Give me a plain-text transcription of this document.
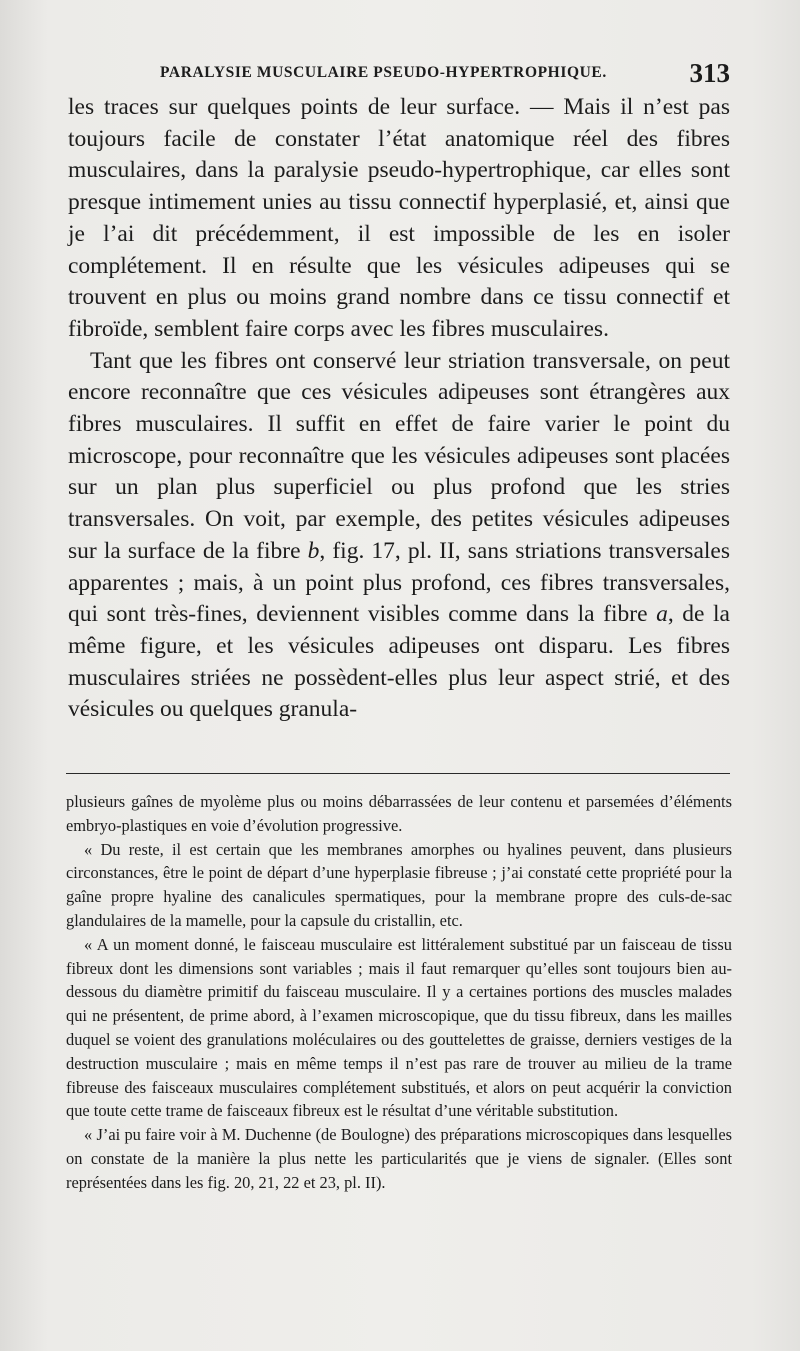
PARALYSIE MUSCULAIRE PSEUDO-HYPERTROPHIQUE.	313

les traces sur quelques points de leur surface. — Mais il n’est pas toujours facile de constater l’état anatomique réel des fibres musculaires, dans la paralysie pseudo-hypertrophique, car elles sont presque intimement unies au tissu connectif hyperplasié, et, ainsi que je l’ai dit précédemment, il est impossible de les en isoler complétement. Il en résulte que les vésicules adipeuses qui se trouvent en plus ou moins grand nombre dans ce tissu connectif et fibroïde, semblent faire corps avec les fibres musculaires.

Tant que les fibres ont conservé leur striation transversale, on peut encore reconnaître que ces vésicules adipeuses sont étrangères aux fibres musculaires. Il suffit en effet de faire varier le point du microscope, pour reconnaître que les vésicules adipeuses sont placées sur un plan plus superficiel ou plus profond que les stries transversales. On voit, par exemple, des petites vésicules adipeuses sur la surface de la fibre b, fig. 17, pl. II, sans striations transversales apparentes ; mais, à un point plus profond, ces fibres transversales, qui sont très-fines, deviennent visibles comme dans la fibre a, de la même figure, et les vésicules adipeuses ont disparu. Les fibres musculaires striées ne possèdent-elles plus leur aspect strié, et des vésicules ou quelques granula-

plusieurs gaînes de myolème plus ou moins débarrassées de leur contenu et parsemées d’éléments embryo-plastiques en voie d’évolution progressive.

« Du reste, il est certain que les membranes amorphes ou hyalines peuvent, dans plusieurs circonstances, être le point de départ d’une hyperplasie fibreuse ; j’ai constaté cette propriété pour la gaîne propre hyaline des canalicules spermatiques, pour la membrane propre des culs-de-sac glandulaires de la mamelle, pour la capsule du cristallin, etc.

« A un moment donné, le faisceau musculaire est littéralement substitué par un faisceau de tissu fibreux dont les dimensions sont variables ; mais il faut remarquer qu’elles sont toujours bien au-dessous du diamètre primitif du faisceau musculaire. Il y a certaines portions des muscles malades qui ne présentent, de prime abord, à l’examen microscopique, que du tissu fibreux, dans les mailles duquel se voient des granulations moléculaires ou des gouttelettes de graisse, derniers vestiges de la destruction musculaire ; mais en même temps il n’est pas rare de trouver au milieu de la trame fibreuse des faisceaux musculaires complétement substitués, et alors on peut acquérir la conviction que toute cette trame de faisceaux fibreux est le résultat d’une véritable substitution.

« J’ai pu faire voir à M. Duchenne (de Boulogne) des préparations microscopiques dans lesquelles on constate de la manière la plus nette les particularités que je viens de signaler. (Elles sont représentées dans les fig. 20, 21, 22 et 23, pl. II).
